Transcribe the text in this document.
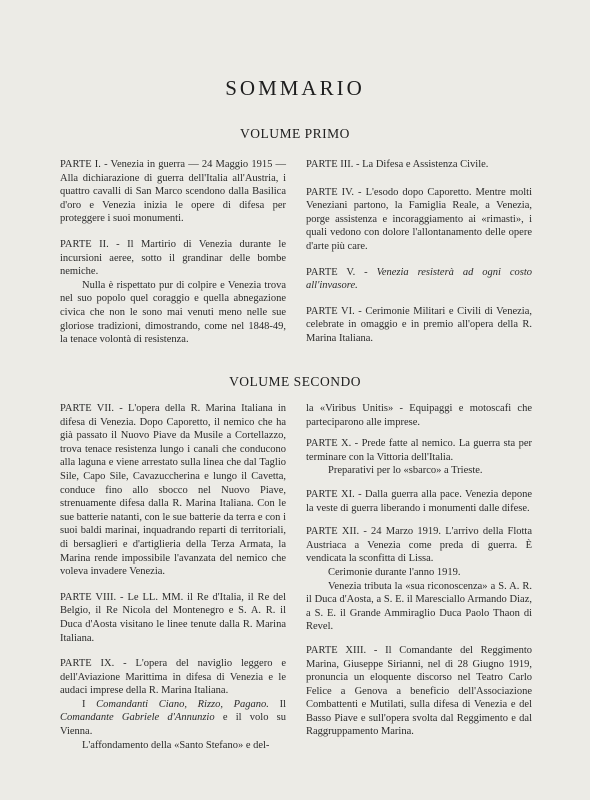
SOMMARIO
VOLUME PRIMO

PARTE I. - Venezia in guerra — 24 Maggio 1915 — Alla dichiarazione di guerra dell'Italia all'Austria, i quattro cavalli di San Marco scendono dalla Basilica d'oro e Venezia inizia le opere di difesa per proteggere i suoi monumenti.

PARTE II. - Il Martirio di Venezia durante le incursioni aeree, sotto il grandinar delle bombe nemiche.

Nulla è rispettato pur di colpire e Venezia trova nel suo popolo quel coraggio e quella abnegazione civica che non le sono mai venuti meno nelle sue gloriose tradizioni, dimostrando, come nel 1848-49, la tenace volontà di resistenza.

PARTE III. - La Difesa e Assistenza Civile.

PARTE IV. - L'esodo dopo Caporetto. Mentre molti Veneziani partono, la Famiglia Reale, a Venezia, porge assistenza e incoraggiamento ai «rimasti», i quali vedono con dolore l'allontanamento delle opere d'arte più care.

PARTE V. - Venezia resisterà ad ogni costo all'invasore.

PARTE VI. - Cerimonie Militari e Civili di Venezia, celebrate in omaggio e in premio all'opera della R. Marina Italiana.

VOLUME SECONDO

PARTE VII. - L'opera della R. Marina Italiana in difesa di Venezia. Dopo Caporetto, il nemico che ha già passato il Nuovo Piave da Musile a Cortellazzo, trova tenace resistenza lungo i canali che conducono alla laguna e viene arrestato sulla linea che dal Taglio Sile, Capo Sile, Cavazuccherina e lungo il Cavetta, conduce fino allo sbocco nel Nuovo Piave, strenuamente difesa dalla R. Marina Italiana. Con le sue batterie natanti, con le sue batterie da terra e con i suoi baldi marinai, inquadrando reparti di territoriali, di bersaglieri e d'artiglieria della Terza Armata, la Marina rende impossibile l'avanzata del nemico che voleva invadere Venezia.

PARTE VIII. - Le LL. MM. il Re d'Italia, il Re del Belgio, il Re Nicola del Montenegro e S. A. R. il Duca d'Aosta visitano le linee tenute dalla R. Marina Italiana.

PARTE IX. - L'opera del naviglio leggero e dell'Aviazione Marittima in difesa di Venezia e le audaci imprese della R. Marina Italiana.

I Comandanti Ciano, Rizzo, Pagano. Il Comandante Gabriele d'Annunzio e il volo su Vienna.

L'affondamento della «Santo Stefano» e del-

la «Viribus Unitis» - Equipaggi e motoscafi che parteciparono alle imprese.

PARTE X. - Prede fatte al nemico. La guerra sta per terminare con la Vittoria dell'Italia.

Preparativi per lo «sbarco» a Trieste.

PARTE XI. - Dalla guerra alla pace. Venezia depone la veste di guerra liberando i monumenti dalle difese.

PARTE XII. - 24 Marzo 1919. L'arrivo della Flotta Austriaca a Venezia come preda di guerra. È vendicata la sconfitta di Lissa.

Cerimonie durante l'anno 1919.

Venezia tributa la «sua riconoscenza» a S. A. R. il Duca d'Aosta, a S. E. il Maresciallo Armando Diaz, a S. E. il Grande Ammiraglio Duca Paolo Thaon di Revel.

PARTE XIII. - Il Comandante del Reggimento Marina, Giuseppe Sirianni, nel dì 28 Giugno 1919, pronuncia un eloquente discorso nel Teatro Carlo Felice a Genova a beneficio dell'Associazione Combattenti e Mutilati, sulla difesa di Venezia e del Basso Piave e sull'opera svolta dal Reggimento e dal Raggruppamento Marina.
